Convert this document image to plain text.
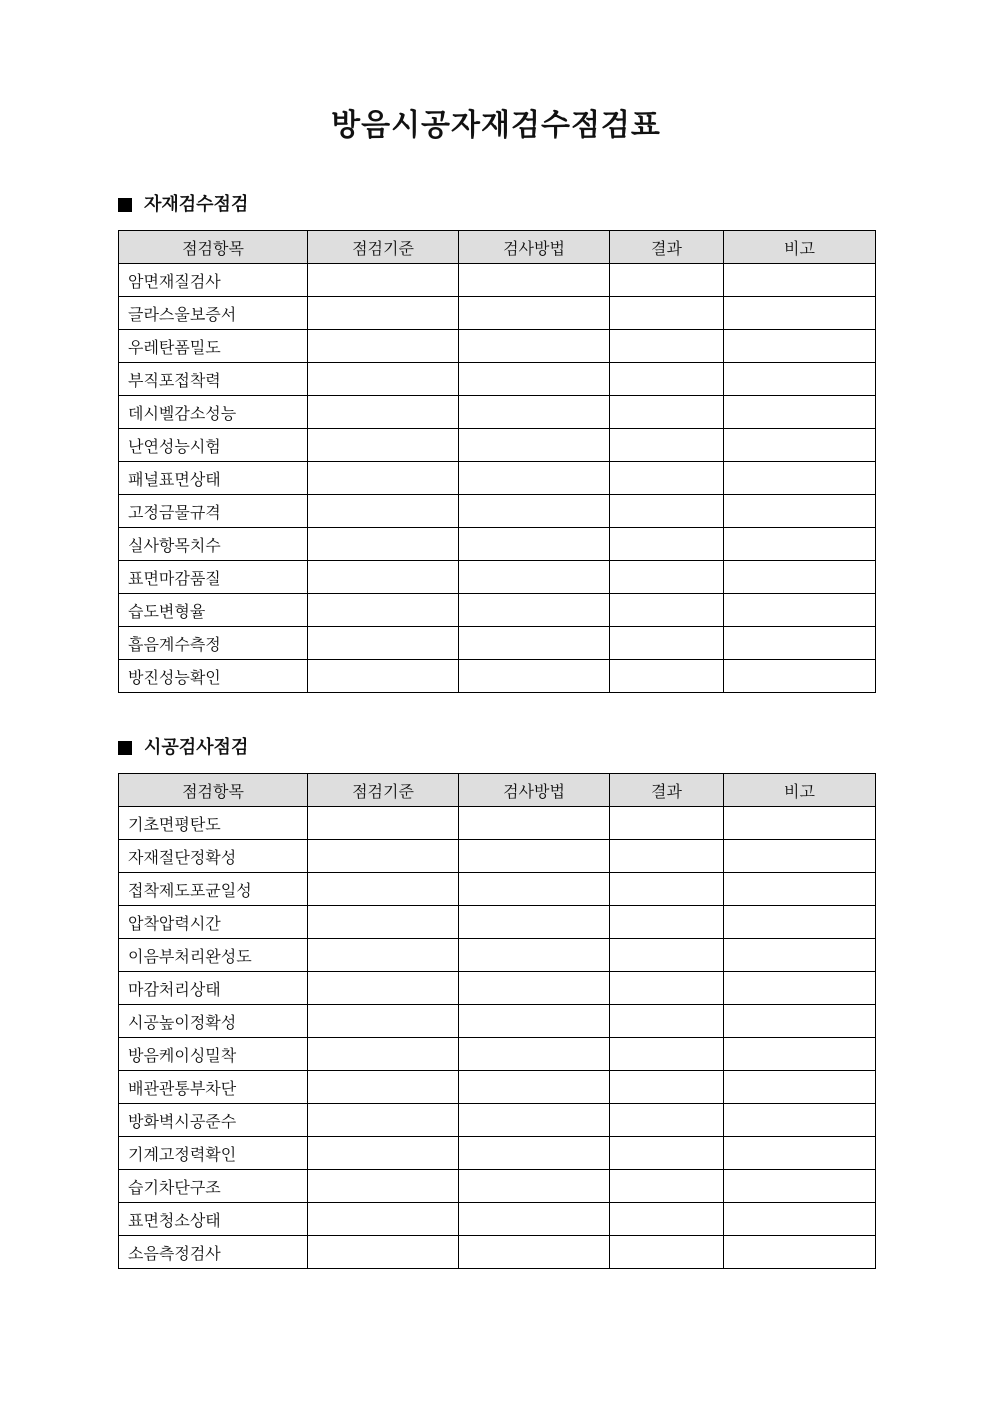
방음시공자재검수점검표
자재검수점검
점검항목	점검기준	검사방법	결과	비고
암면재질검사				
글라스울보증서				
우레탄폼밀도				
부직포접착력				
데시벨감소성능				
난연성능시험				
패널표면상태				
고정금물규격				
실사항목치수				
표면마감품질				
습도변형율				
흡음계수측정				
방진성능확인				
시공검사점검
점검항목	점검기준	검사방법	결과	비고
기초면평탄도				
자재절단정확성				
접착제도포균일성				
압착압력시간				
이음부처리완성도				
마감처리상태				
시공높이정확성				
방음케이싱밀착				
배관관통부차단				
방화벽시공준수				
기계고정력확인				
습기차단구조				
표면청소상태				
소음측정검사				
